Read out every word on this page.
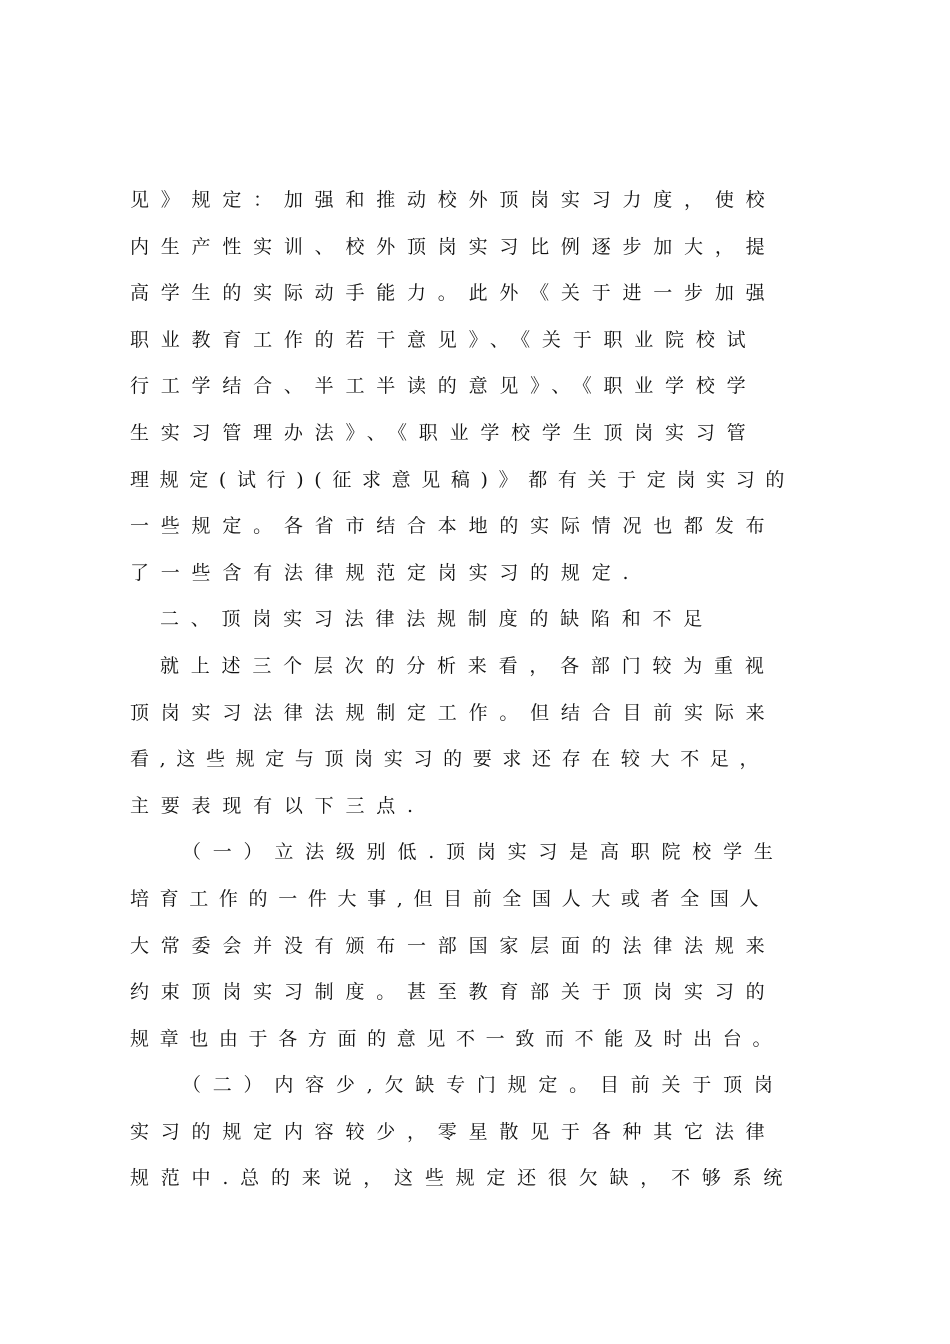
见》规定：加强和推动校外顶岗实习力度，使校
内生产性实训、校外顶岗实习比例逐步加大，提
高学生的实际动手能力。此外《关于进一步加强
职业教育工作的若干意见》、《关于职业院校试
行工学结合、半工半读的意见》、《职业学校学
生实习管理办法》、《职业学校学生顶岗实习管
理规定(试行)(征求意见稿)》都有关于定岗实习的
一些规定。各省市结合本地的实际情况也都发布
了一些含有法律规范定岗实习的规定.
二、顶岗实习法律法规制度的缺陷和不足
就上述三个层次的分析来看，各部门较为重视
顶岗实习法律法规制定工作。但结合目前实际来
看,这些规定与顶岗实习的要求还存在较大不足，
主要表现有以下三点.
（一）立法级别低.顶岗实习是高职院校学生
培育工作的一件大事,但目前全国人大或者全国人
大常委会并没有颁布一部国家层面的法律法规来
约束顶岗实习制度。甚至教育部关于顶岗实习的
规章也由于各方面的意见不一致而不能及时出台。
（二）内容少,欠缺专门规定。目前关于顶岗
实习的规定内容较少，零星散见于各种其它法律
规范中.总的来说，这些规定还很欠缺，不够系统
